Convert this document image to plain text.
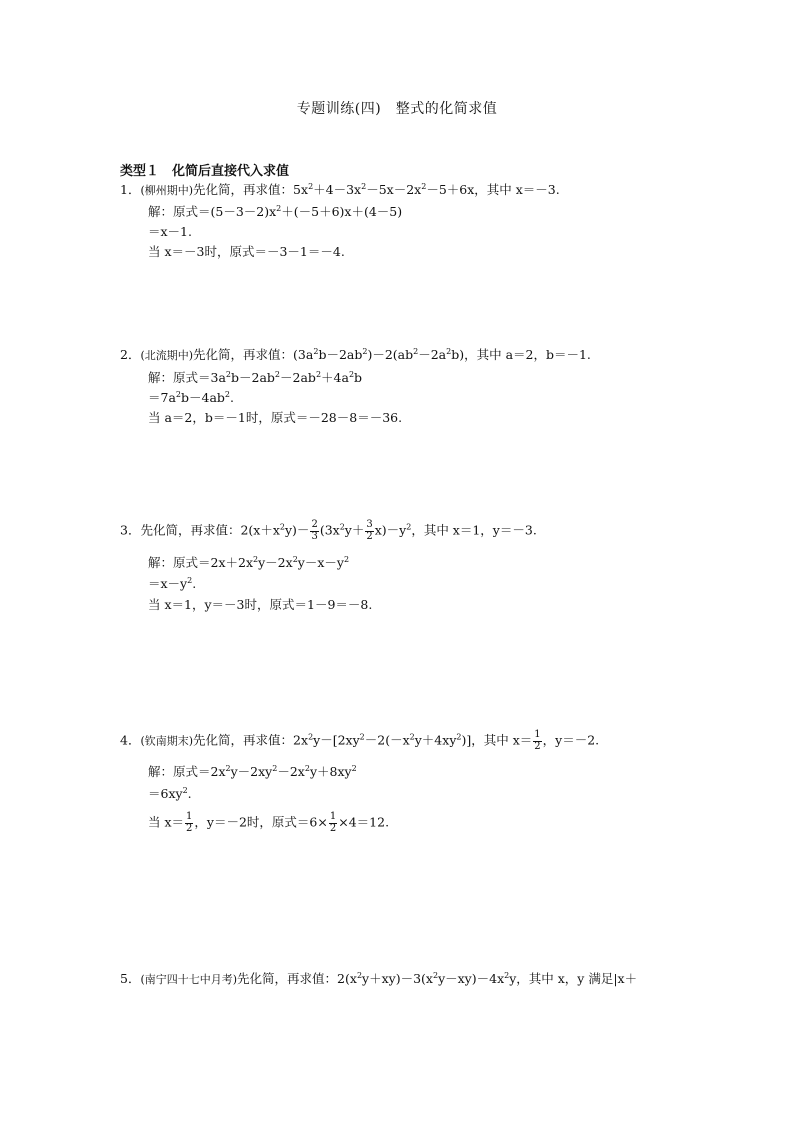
专题训练(四)　整式的化简求值
类型１　化简后直接代入求值
1．(柳州期中)先化简，再求值：$5x^2+4-3x^2-5x-2x^2-5+6x$，其中 x＝－3.
解：原式$=(5-3-2)x^2+(-5+6)x+(4-5)$
＝x－1.
当 x＝－3时，原式＝－3－1＝－4.
2．(北流期中)先化简，再求值：$(3a^2b-2ab^2)-2(ab^2-2a^2b)$，其中 a＝2，b＝－1.
解：原式$=3a^2b-2ab^2-2ab^2+4a^2b$
$=7a^2b-4ab^2$.
当 a＝2，b＝－1时，原式＝－28－8＝－36.
3．先化简，再求值：$2(x+x^2y)- \frac{2}{3} (3x^2y+ \frac{3}{2} x)-y^2$，其中 x＝1，y＝－3.
解：原式$=2x+2x^2y-2x^2y-x-y^2$
$=x-y^2$.
当 x＝1，y＝－3时，原式＝1－9＝－8.
4．(钦南期末)先化简，再求值：$2x^2y-[2xy^2-2(-x^2y+4xy^2)]$，其中 $x= \frac{1}{2}$ ，y＝－2.
解：原式$=2x^2y-2xy^2-2x^2y+8xy^2$
$=6xy^2$.
当 $x= \frac{1}{2}$ ，y＝－2时，原式$=6\times \frac{1}{2} \times 4=12$.
5．(南宁四十七中月考)先化简，再求值：$2(x^2y+xy)-3(x^2y-xy)-4x^2y$，其中 x，y 满足|x＋
